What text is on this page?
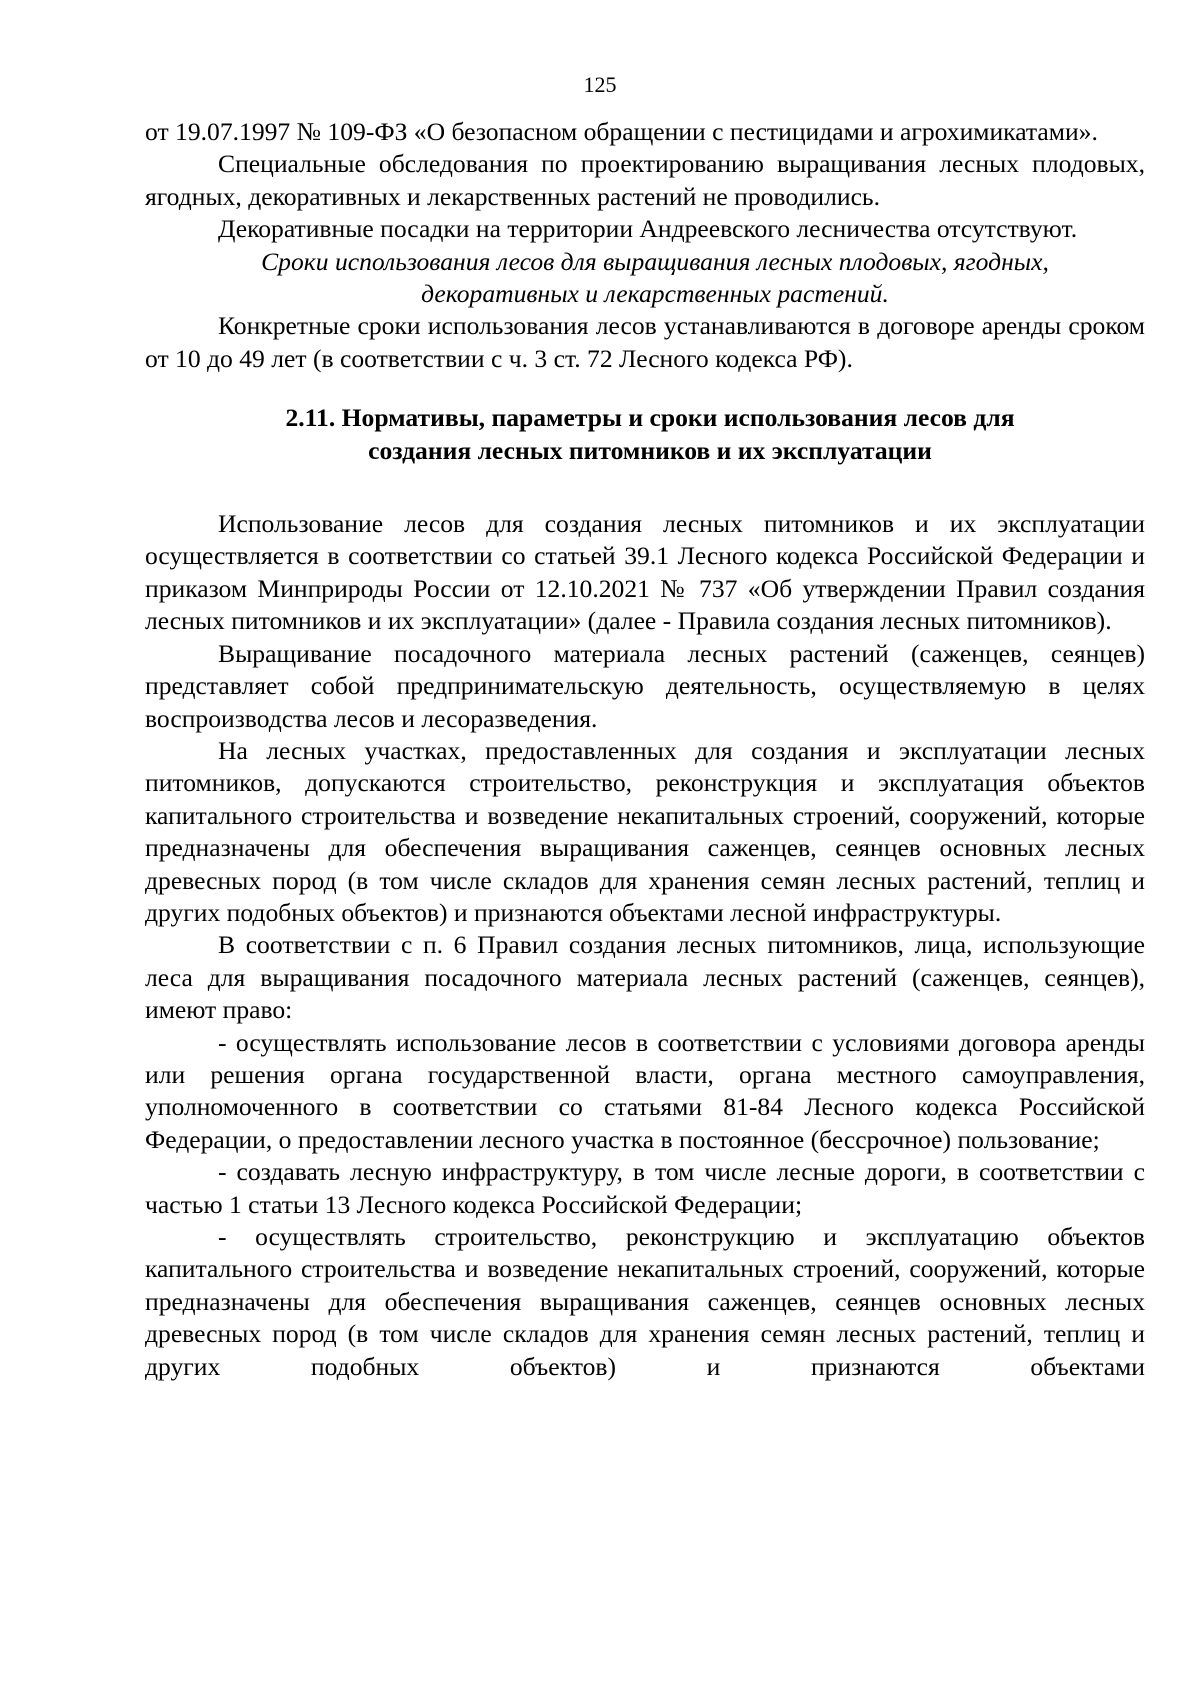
125

от 19.07.1997 № 109-ФЗ «О безопасном обращении с пестицидами и агрохимикатами».

Специальные обследования по проектированию выращивания лесных плодовых, ягодных, декоративных и лекарственных растений не проводились.

Декоративные посадки на территории Андреевского лесничества отсутствуют.

Сроки использования лесов для выращивания лесных плодовых, ягодных,
декоративных и лекарственных растений.

Конкретные сроки использования лесов устанавливаются в договоре аренды сроком от 10 до 49 лет (в соответствии с ч. 3 ст. 72 Лесного кодекса РФ).

2.11. Нормативы, параметры и сроки использования лесов для
создания лесных питомников и их эксплуатации

Использование лесов для создания лесных питомников и их эксплуатации осуществляется в соответствии со статьей 39.1 Лесного кодекса Российской Федерации и приказом Минприроды России от 12.10.2021 № 737 «Об утверждении Правил создания лесных питомников и их эксплуатации» (далее - Правила создания лесных питомников).

Выращивание посадочного материала лесных растений (саженцев, сеянцев) представляет собой предпринимательскую деятельность, осуществляемую в целях воспроизводства лесов и лесоразведения.

На лесных участках, предоставленных для создания и эксплуатации лесных питомников, допускаются строительство, реконструкция и эксплуатация объектов капитального строительства и возведение некапитальных строений, сооружений, которые предназначены для обеспечения выращивания саженцев, сеянцев основных лесных древесных пород (в том числе складов для хранения семян лесных растений, теплиц и других подобных объектов) и признаются объектами лесной инфраструктуры.

В соответствии с п. 6 Правил создания лесных питомников, лица, использующие леса для выращивания посадочного материала лесных растений (саженцев, сеянцев), имеют право:

- осуществлять использование лесов в соответствии с условиями договора аренды или решения органа государственной власти, органа местного самоуправления, уполномоченного в соответствии со статьями 81-84 Лесного кодекса Российской Федерации, о предоставлении лесного участка в постоянное (бессрочное) пользование;

- создавать лесную инфраструктуру, в том числе лесные дороги, в соответствии с частью 1 статьи 13 Лесного кодекса Российской Федерации;

- осуществлять строительство, реконструкцию и эксплуатацию объектов капитального строительства и возведение некапитальных строений, сооружений, которые предназначены для обеспечения выращивания саженцев, сеянцев основных лесных древесных пород (в том числе складов для хранения семян лесных растений, теплиц и других подобных объектов) и признаются объектами
